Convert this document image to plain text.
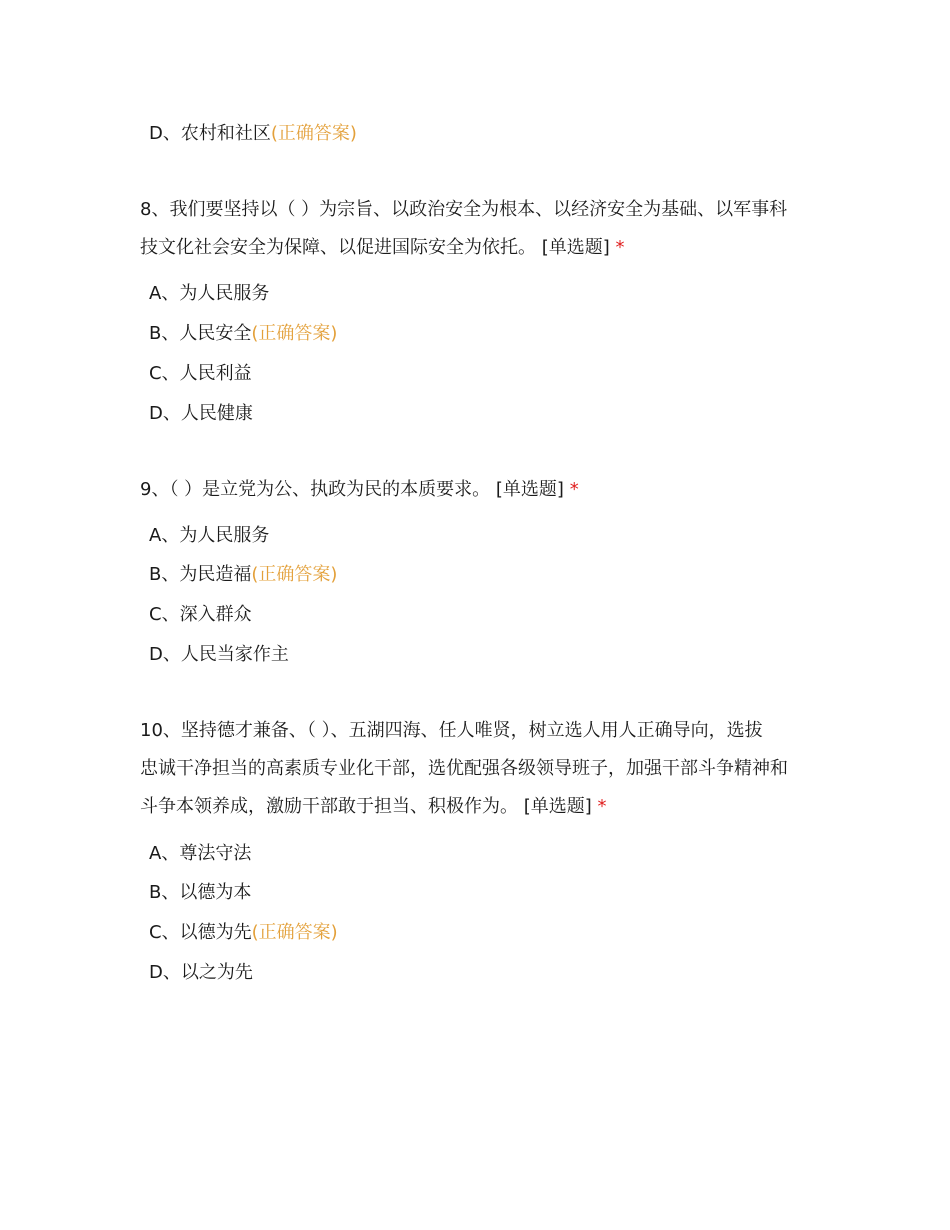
D、农村和社区(正确答案)
8、我们要坚持以（ ）为宗旨、以政治安全为根本、以经济安全为基础、以军事科
技文化社会安全为保障、以促进国际安全为依托。 [单选题] *
A、为人民服务
B、人民安全(正确答案)
C、人民利益
D、人民健康
9、（ ）是立党为公、执政为民的本质要求。 [单选题] *
A、为人民服务
B、为民造福(正确答案)
C、深入群众
D、人民当家作主
10、坚持德才兼备、（ ）、五湖四海、任人唯贤，树立选人用人正确导向，选拔
忠诚干净担当的高素质专业化干部，选优配强各级领导班子，加强干部斗争精神和
斗争本领养成，激励干部敢于担当、积极作为。 [单选题] *
A、尊法守法
B、以德为本
C、以德为先(正确答案)
D、以之为先
